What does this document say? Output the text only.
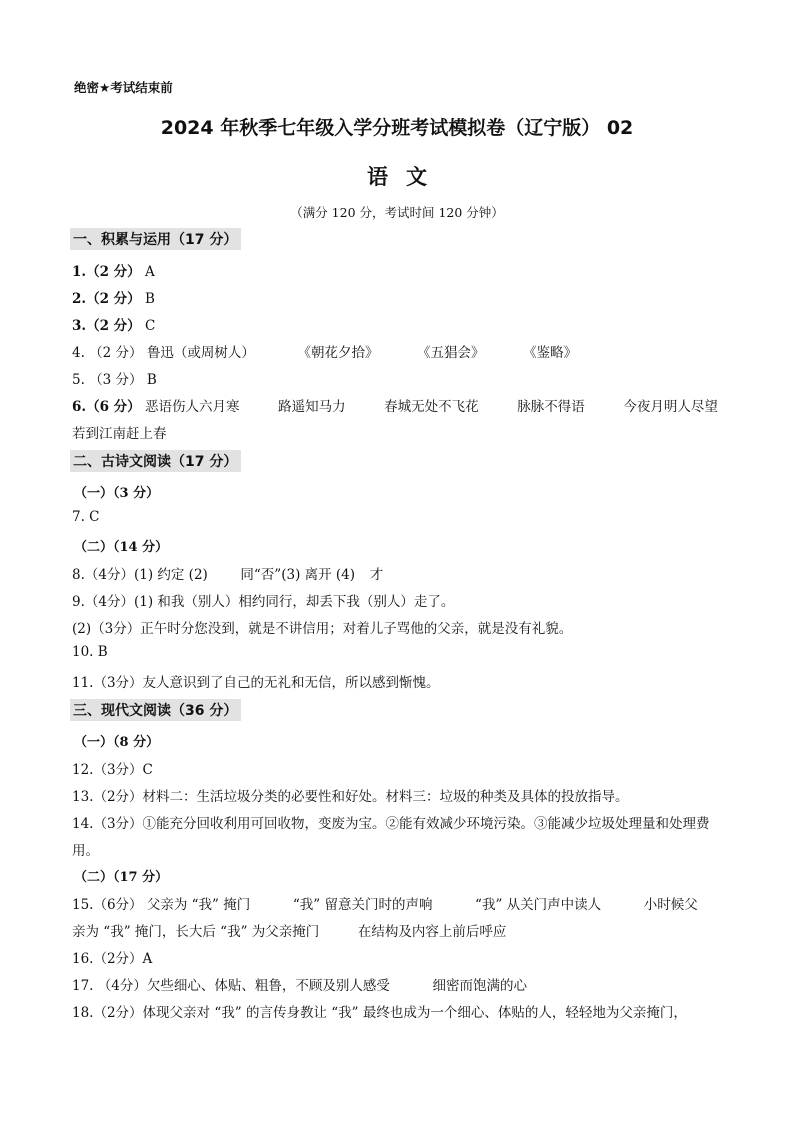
绝密★考试结束前
2024 年秋季七年级入学分班考试模拟卷（辽宁版） 02
语文
（满分 120 分，考试时间 120 分钟）
一、积累与运用（17 分）
1.（2 分） A
2.（2 分） B
3.（2 分） C
4. （2 分） 鲁迅（或周树人）	《朝花夕拾》	《五猖会》	《鉴略》
5. （3 分） B
6.（6 分） 恶语伤人六月寒	路遥知马力	春城无处不飞花	脉脉不得语	今夜月明人尽望
若到江南赶上春
二、古诗文阅读（17 分）
（一）（3 分）
7. C
（二）（14 分）
8.（4分）(1) 约定 (2) 同“否”(3) 离开 (4) 才
9.（4分）(1) 和我（别人）相约同行，却丢下我（别人）走了。
(2)（3分）正午时分您没到，就是不讲信用；对着儿子骂他的父亲，就是没有礼貌。
10. B
11.（3分）友人意识到了自己的无礼和无信，所以感到惭愧。
三、现代文阅读（36 分）
（一）（8 分）
12.（3分）C
13.（2分）材料二：生活垃圾分类的必要性和好处。材料三：垃圾的种类及具体的投放指导。
14.（3分）①能充分回收利用可回收物，变废为宝。②能有效减少环境污染。③能减少垃圾处理量和处理费
用。
（二）（17 分）
15.（6分） 父亲为 “我” 掩门	“我” 留意关门时的声响	“我” 从关门声中读人	小时候父
亲为 “我” 掩门，长大后 “我” 为父亲掩门	在结构及内容上前后呼应
16.（2分）A
17. （4分）欠些细心、体贴、粗鲁，不顾及别人感受	细密而饱满的心
18.（2分）体现父亲对 “我” 的言传身教让 “我” 最终也成为一个细心、体贴的人，轻轻地为父亲掩门，
